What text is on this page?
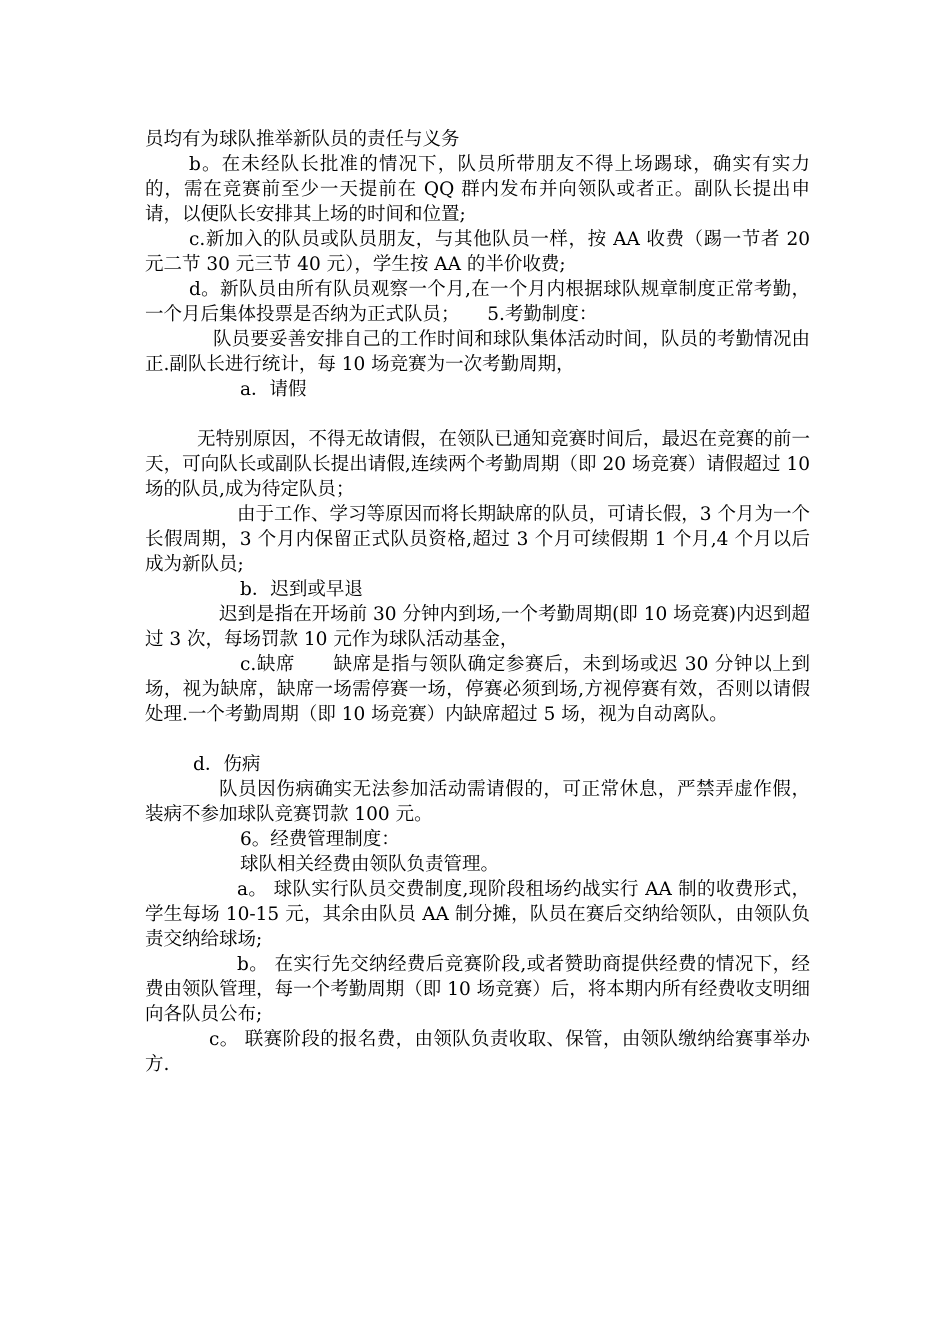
员均有为球队推举新队员的责任与义务

b。在未经队长批准的情况下，队员所带朋友不得上场踢球，确实有实力的，需在竞赛前至少一天提前在 QQ 群内发布并向领队或者正。副队长提出申请，以便队长安排其上场的时间和位置;

c.新加入的队员或队员朋友，与其他队员一样，按 AA 收费（踢一节者 20 元二节 30 元三节 40 元），学生按 AA 的半价收费;

d。新队员由所有队员观察一个月,在一个月内根据球队规章制度正常考勤，一个月后集体投票是否纳为正式队员；　　5.考勤制度：

队员要妥善安排自己的工作时间和球队集体活动时间，队员的考勤情况由正.副队长进行统计，每 10 场竞赛为一次考勤周期，

a．请假

无特别原因，不得无故请假，在领队已通知竞赛时间后，最迟在竞赛的前一天，可向队长或副队长提出请假,连续两个考勤周期（即 20 场竞赛）请假超过 10 场的队员,成为待定队员；

由于工作、学习等原因而将长期缺席的队员，可请长假，3 个月为一个长假周期，3 个月内保留正式队员资格,超过 3 个月可续假期 1 个月,4 个月以后成为新队员;

b．迟到或早退

迟到是指在开场前 30 分钟内到场,一个考勤周期(即 10 场竞赛)内迟到超过 3 次，每场罚款 10 元作为球队活动基金，

c.缺席　　缺席是指与领队确定参赛后，未到场或迟 30 分钟以上到场，视为缺席，缺席一场需停赛一场，停赛必须到场,方视停赛有效，否则以请假处理.一个考勤周期（即 10 场竞赛）内缺席超过 5 场，视为自动离队。

d．伤病

队员因伤病确实无法参加活动需请假的，可正常休息，严禁弄虚作假，装病不参加球队竞赛罚款 100 元。

6。经费管理制度：

球队相关经费由领队负责管理。

a。 球队实行队员交费制度,现阶段租场约战实行 AA 制的收费形式，学生每场 10-15 元，其余由队员 AA 制分摊，队员在赛后交纳给领队，由领队负责交纳给球场;

b。 在实行先交纳经费后竞赛阶段,或者赞助商提供经费的情况下，经费由领队管理，每一个考勤周期（即 10 场竞赛）后，将本期内所有经费收支明细向各队员公布;

c。 联赛阶段的报名费，由领队负责收取、保管，由领队缴纳给赛事举办方.
